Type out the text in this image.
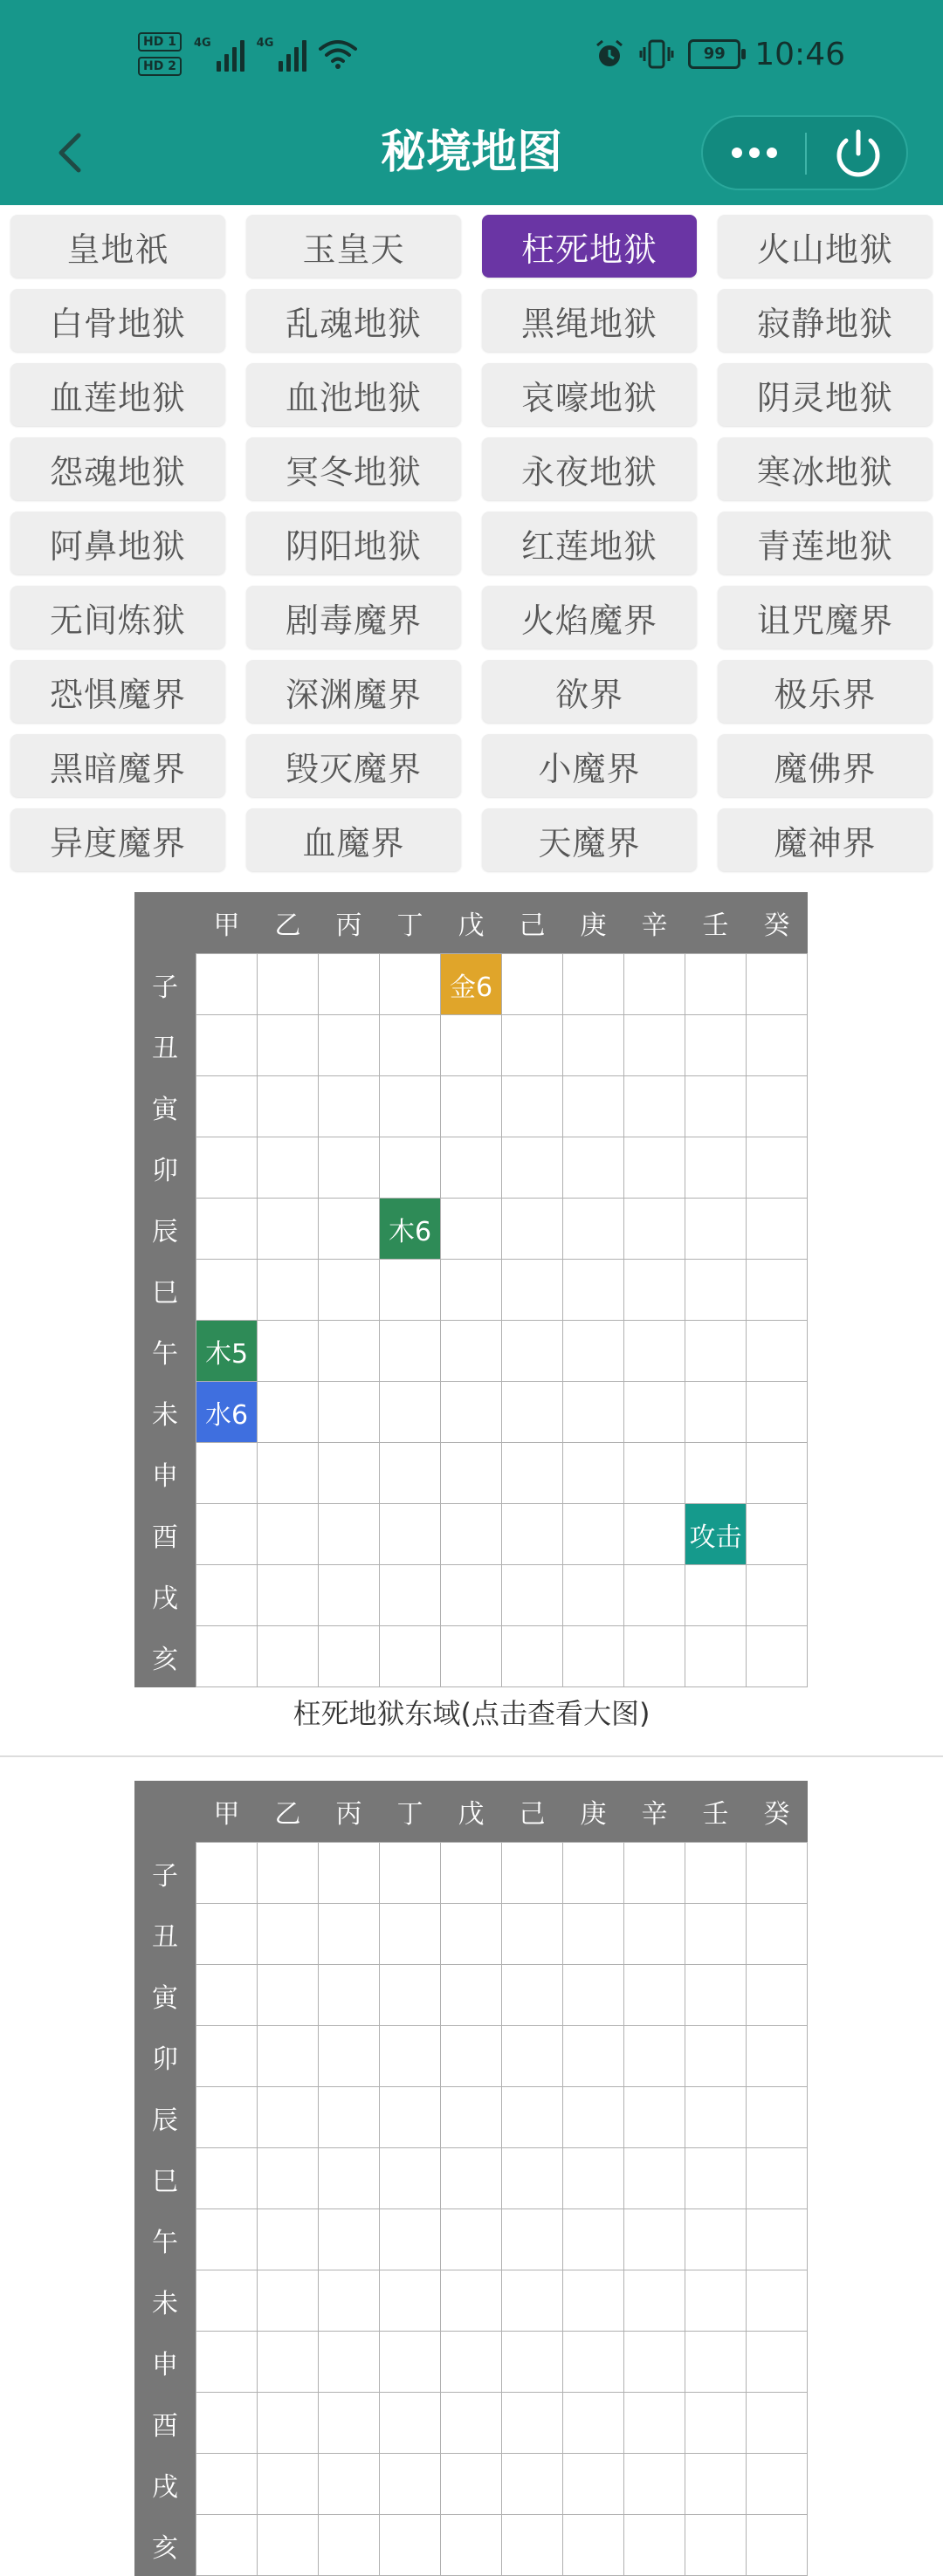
HD 1
HD 2
4G	4G
99 10:46
秘境地图
皇地祇	玉皇天	枉死地狱	火山地狱
白骨地狱	乱魂地狱	黑绳地狱	寂静地狱
血莲地狱	血池地狱	哀嚎地狱	阴灵地狱
怨魂地狱	冥冬地狱	永夜地狱	寒冰地狱
阿鼻地狱	阴阳地狱	红莲地狱	青莲地狱
无间炼狱	剧毒魔界	火焰魔界	诅咒魔界
恐惧魔界	深渊魔界	欲界	极乐界
黑暗魔界	毁灭魔界	小魔界	魔佛界
异度魔界	血魔界	天魔界	魔神界
	甲	乙	丙	丁	戊	己	庚	辛	壬	癸
子					金6					
丑										
寅										
卯										
辰				木6						
巳										
午	木5									
未	水6									
申										
酉									攻击	
戌										
亥										
枉死地狱东域(点击查看大图)
	甲	乙	丙	丁	戊	己	庚	辛	壬	癸
子										
丑										
寅										
卯										
辰										
巳										
午										
未										
申										
酉										
戌										
亥										
